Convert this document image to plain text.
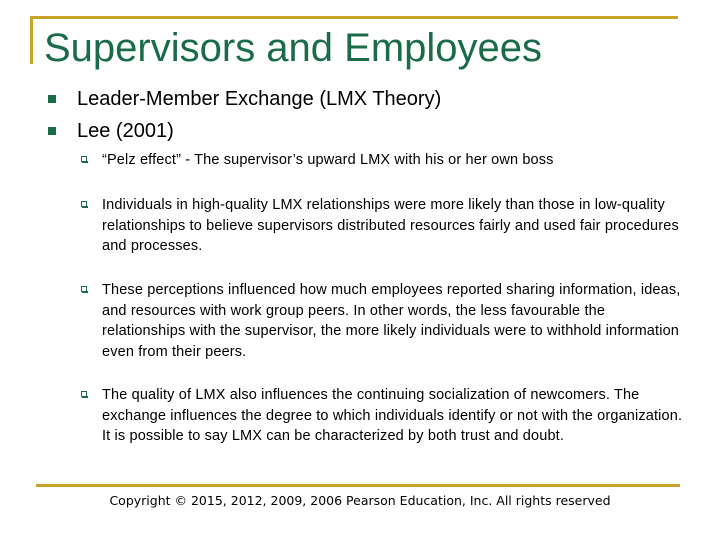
Supervisors and Employees
Leader-Member Exchange (LMX Theory)
Lee (2001)
“Pelz effect” - The supervisor’s upward LMX with his or her own boss
Individuals in high-quality LMX relationships were more likely than those in low-quality relationships to believe supervisors distributed resources fairly and used fair procedures and processes.
These perceptions influenced how much employees reported sharing information, ideas, and resources with work group peers. In other words, the less favourable the relationships with the supervisor, the more likely individuals were to withhold information even from their peers.
The quality of LMX also influences the continuing socialization of newcomers. The exchange influences the degree to which individuals identify or not with the organization. It is possible to say LMX can be characterized by both trust and doubt.
Copyright © 2015, 2012, 2009, 2006 Pearson Education, Inc. All rights reserved
